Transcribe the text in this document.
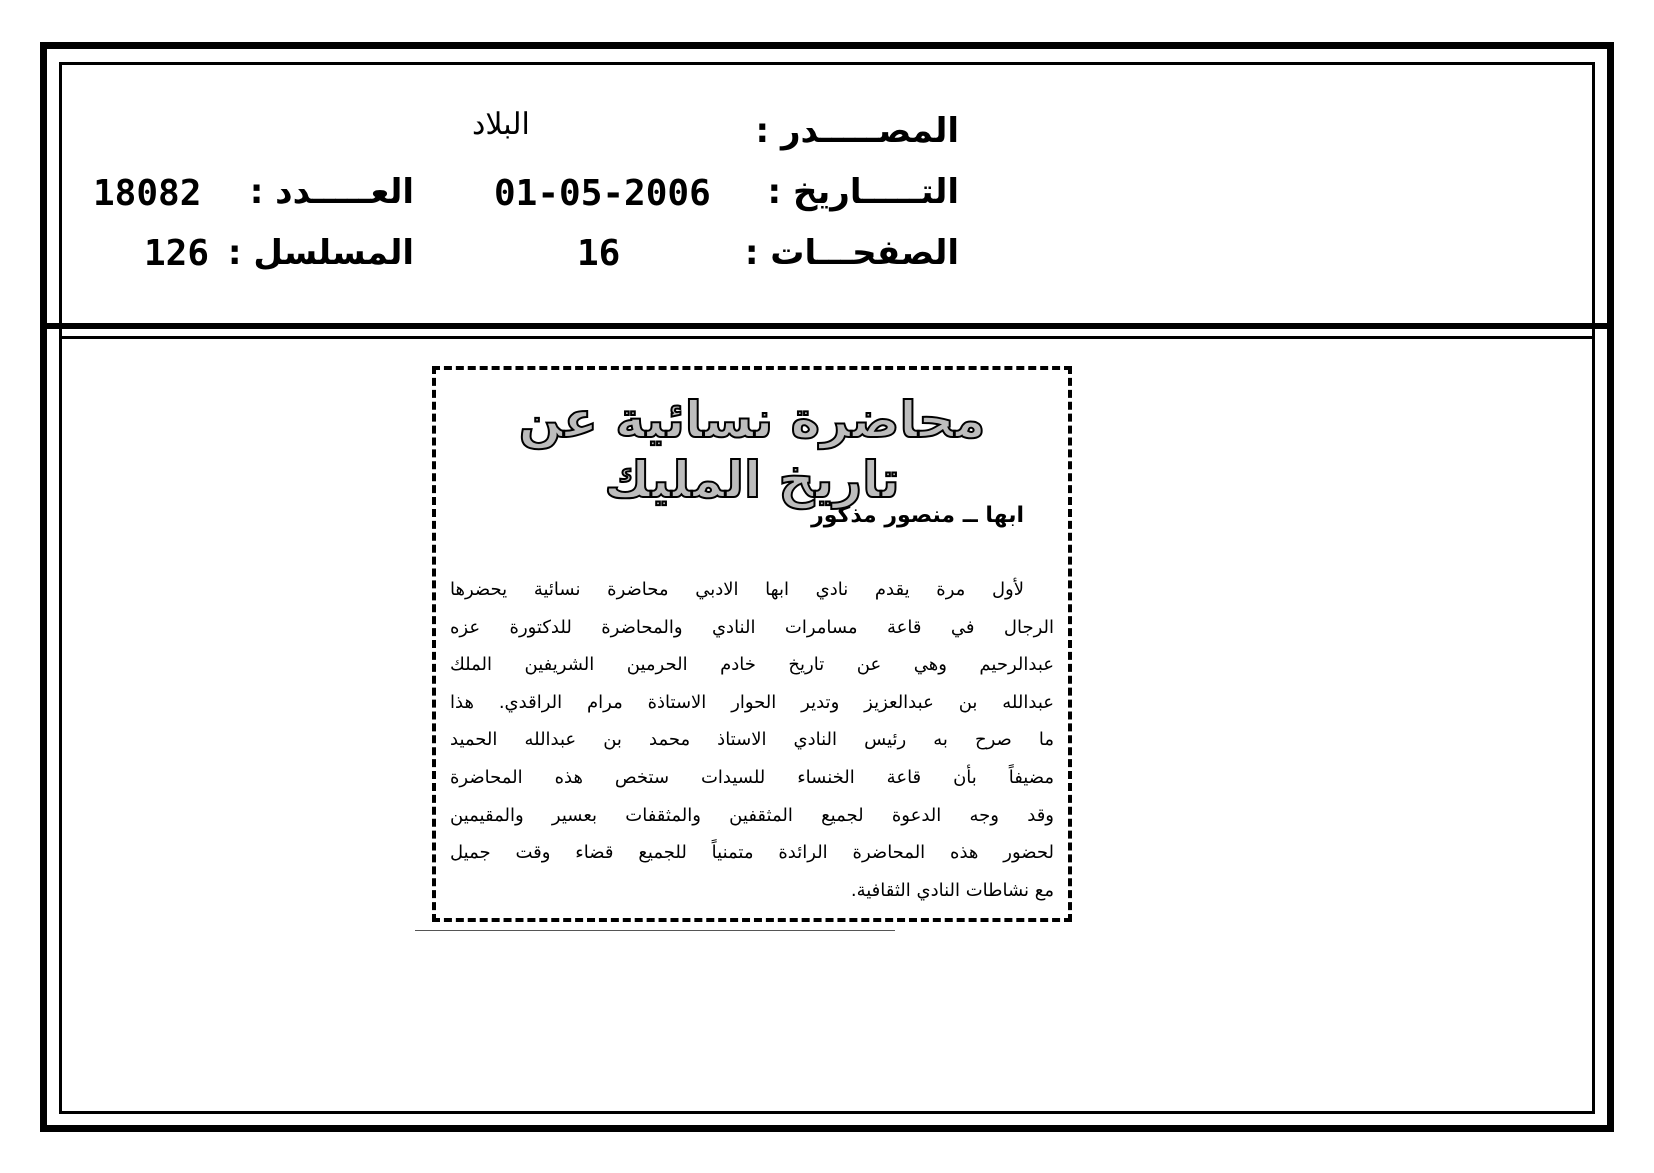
المصـــــدر :
التـــــاريخ :
الصفحـــات :
البلاد
01-05-2006
16
العـــــدد :
المسلسل :
18082
126
محاضرة نسائية عن تاريخ المليك
ابها ــ منصور مذكور
لأول مرة يقدم نادي ابها الادبي محاضرة نسائية يحضرها
الرجال في قاعة مسامرات النادي والمحاضرة للدكتورة عزه
عبدالرحيم وهي عن تاريخ خادم الحرمين الشريفين الملك
عبدالله بن عبدالعزيز وتدير الحوار الاستاذة مرام الراقدي. هذا
ما صرح به رئيس النادي الاستاذ محمد بن عبدالله الحميد
مضيفاً بأن قاعة الخنساء للسيدات ستخص هذه المحاضرة
وقد وجه الدعوة لجميع المثقفين والمثقفات بعسير والمقيمين
لحضور هذه المحاضرة الرائدة متمنياً للجميع قضاء وقت جميل
مع نشاطات النادي الثقافية.
